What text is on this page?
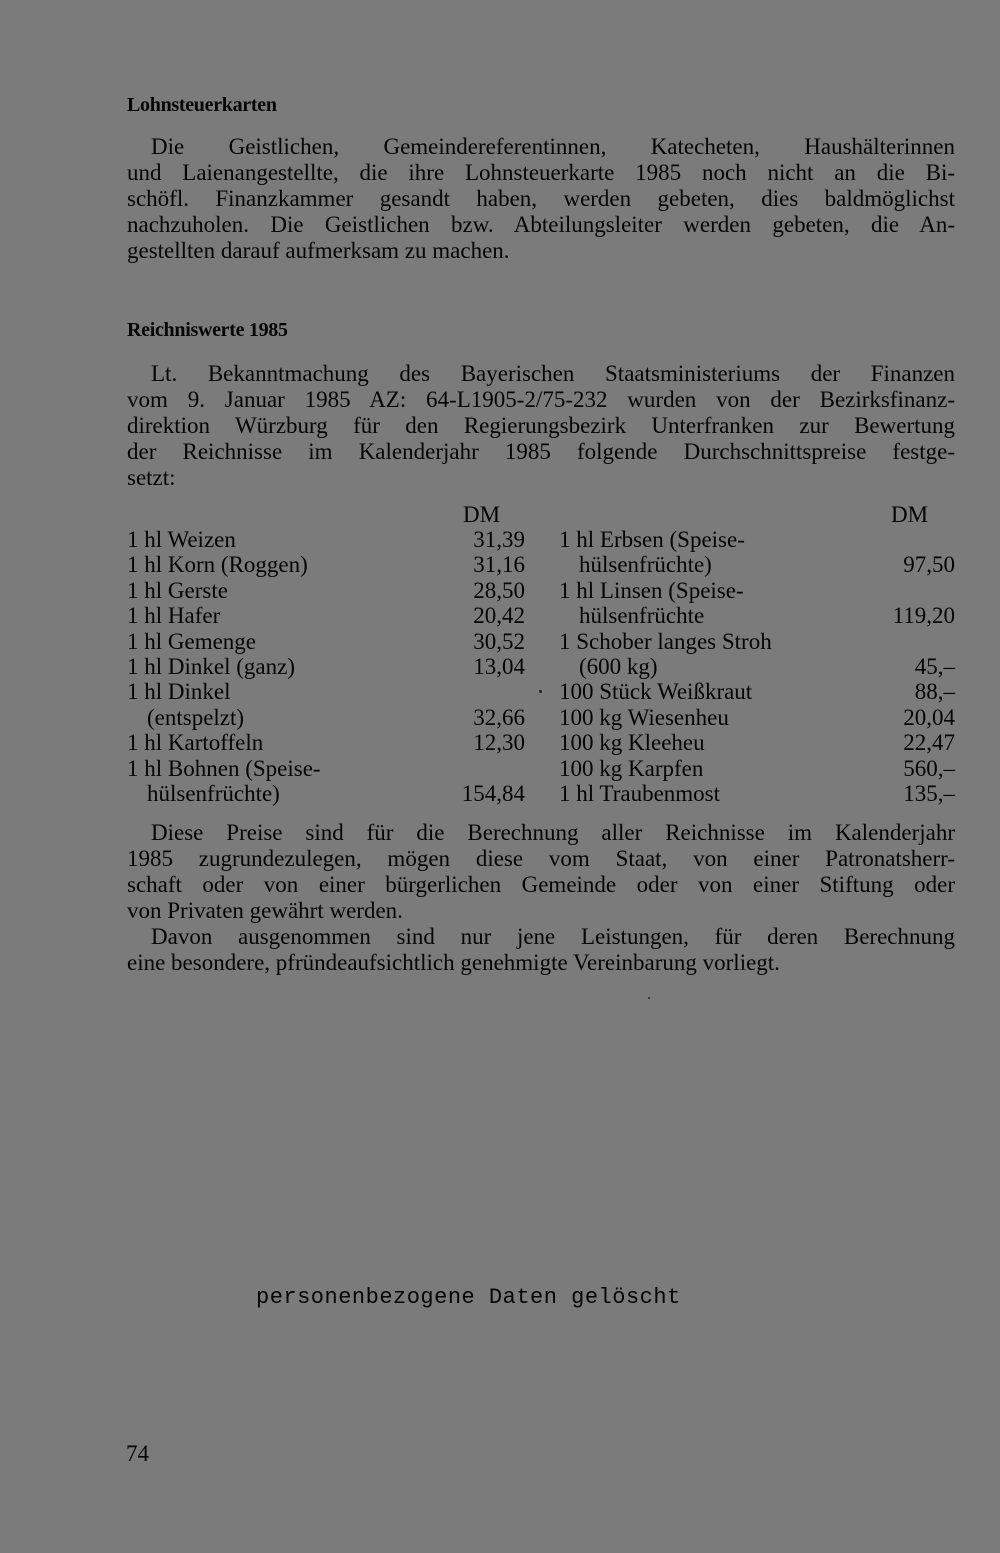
Lohnsteuerkarten

Die Geistlichen, Gemeindereferentinnen, Katecheten, Haushälterinnen
und Laienangestellte, die ihre Lohnsteuerkarte 1985 noch nicht an die Bi-
schöfl. Finanzkammer gesandt haben, werden gebeten, dies baldmöglichst
nachzuholen. Die Geistlichen bzw. Abteilungsleiter werden gebeten, die An-
gestellten darauf aufmerksam zu machen.

Reichniswerte 1985

Lt. Bekanntmachung des Bayerischen Staatsministeriums der Finanzen
vom 9. Januar 1985 AZ: 64-L1905-2/75-232 wurden von der Bezirksfinanz-
direktion Würzburg für den Regierungsbezirk Unterfranken zur Bewertung
der Reichnisse im Kalenderjahr 1985 folgende Durchschnittspreise festge-
setzt:

DM	DM
1 hl Weizen	31,39
1 hl Korn (Roggen)	31,16
1 hl Gerste	28,50
1 hl Hafer	20,42
1 hl Gemenge	30,52
1 hl Dinkel (ganz)	13,04
1 hl Dinkel
(entspelzt)	32,66
1 hl Kartoffeln	12,30
1 hl Bohnen (Speise-
hülsenfrüchte)	154,84
1 hl Erbsen (Speise-
hülsenfrüchte)	97,50
1 hl Linsen (Speise-
hülsenfrüchte	119,20
1 Schober langes Stroh
(600 kg)	45,–
100 Stück Weißkraut	88,–
100 kg Wiesenheu	20,04
100 kg Kleeheu	22,47
100 kg Karpfen	560,–
1 hl Traubenmost	135,–

Diese Preise sind für die Berechnung aller Reichnisse im Kalenderjahr
1985 zugrundezulegen, mögen diese vom Staat, von einer Patronatsherr-
schaft oder von einer bürgerlichen Gemeinde oder von einer Stiftung oder
von Privaten gewährt werden.
Davon ausgenommen sind nur jene Leistungen, für deren Berechnung
eine besondere, pfründeaufsichtlich genehmigte Vereinbarung vorliegt.

personenbezogene Daten gelöscht
74
